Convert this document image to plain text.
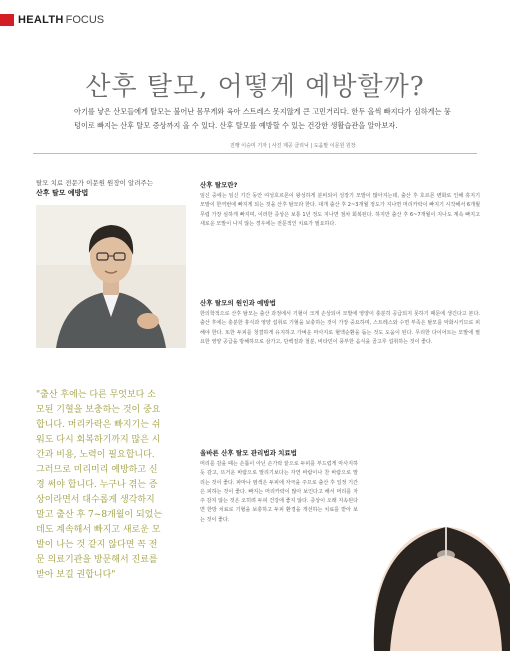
HEALTH FOCUS
산후 탈모, 어떻게 예방할까?
아기를 낳은 산모들에게 탈모는 불어난 몸무게와 육아 스트레스 못지않게 큰 고민거리다. 한두 올씩 빠지다가 심하게는 뭉텅이로 빠지는 산후 탈모 증상까지 올 수 있다. 산후 탈모를 예방할 수 있는 건강한 생활습관을 알아보자.
진행 이승미 기자 | 사진 제공 클리닉 | 도움말 이문원 원장
탈모 치료 전문가 이문원 원장이 알려주는
산후 탈모 예방법
"출산 후에는 다른 무엇보다 소모된 기혈을 보충하는 것이 중요합니다. 머리카락은 빠지기는 쉬워도 다시 회복하기까지 많은 시간과 비용, 노력이 필요합니다. 그러므로 미리미리 예방하고 신경 써야 합니다. 누구나 겪는 증상이라면서 대수롭게 생각하지 말고 출산 후 7~8개월이 되었는데도 계속해서 빠지고 새로운 모발이 나는 것 같지 않다면 꼭 전문 의료기관을 방문해서 진료를 받아 보길 권합니다"
산후 탈모란?
임신 중에는 임신 기간 동안 여성호르몬이 왕성하게 분비되어 성장기 모발이 많아지는데, 출산 후 호르몬 변화로 인해 휴지기 모발이 한꺼번에 빠지게 되는 것을 산후 탈모라 한다. 대개 출산 후 2~3개월 정도가 지나면 머리카락이 빠지기 시작해서 6개월 무렵 가장 심하게 빠지며, 이러한 증상은 보통 1년 정도 지나면 점차 회복된다. 하지만 출산 후 6~7개월이 지나도 계속 빠지고 새로운 모발이 나지 않는 경우에는 전문적인 치료가 필요하다.
산후 탈모의 원인과 예방법
한의학적으로 산후 탈모는 출산 과정에서 기혈이 크게 손상되어 모발에 영양이 충분히 공급되지 못하기 때문에 생긴다고 본다. 출산 후에는 충분한 휴식과 영양 섭취로 기혈을 보충하는 것이 가장 중요하며, 스트레스와 수면 부족은 탈모를 악화시키므로 피해야 한다. 또한 두피를 청결하게 유지하고 가벼운 마사지로 혈액순환을 돕는 것도 도움이 된다. 무리한 다이어트는 모발에 필요한 영양 공급을 방해하므로 삼가고, 단백질과 철분, 비타민이 풍부한 음식을 골고루 섭취하는 것이 좋다.
올바른 산후 탈모 관리법과 치료법
머리를 감을 때는 손톱이 아닌 손가락 끝으로 두피를 부드럽게 마사지하듯 감고, 뜨거운 바람으로 말리기보다는 자연 바람이나 찬 바람으로 말리는 것이 좋다. 파마나 염색은 두피에 자극을 주므로 출산 후 일정 기간은 피하는 것이 좋다. 빠지는 머리카락이 많아 보인다고 해서 머리를 자주 감지 않는 것은 오히려 두피 건강에 좋지 않다. 증상이 오래 지속된다면 한방 치료로 기혈을 보충하고 두피 환경을 개선하는 치료를 받아 보는 것이 좋다.
